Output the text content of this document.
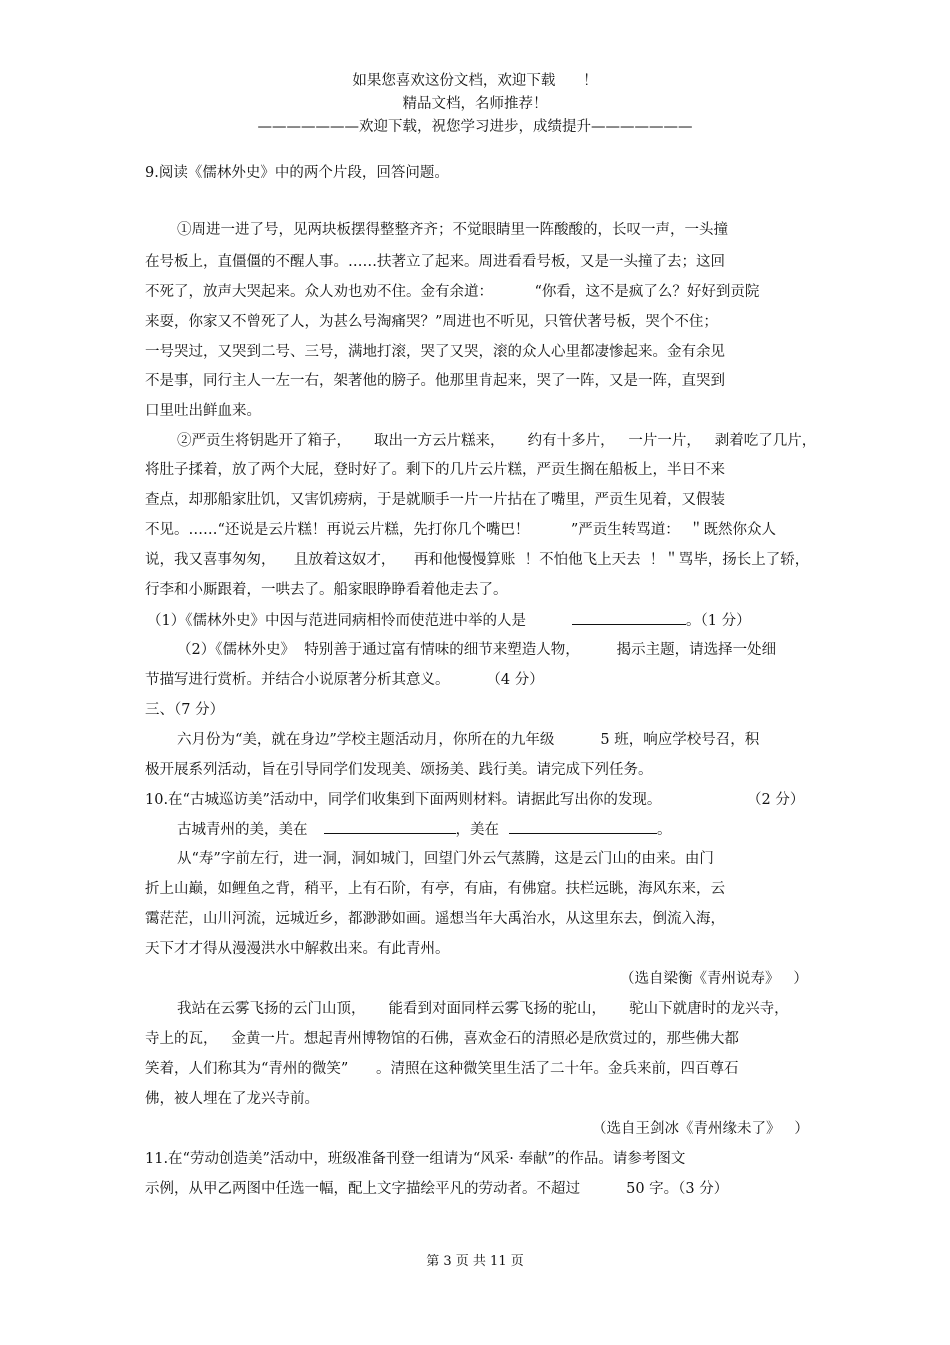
如果您喜欢这份文档，欢迎下载      ！
精品文档，名师推荐！
———————欢迎下载，祝您学习进步，成绩提升———————
9.阅读《儒林外史》中的两个片段，回答问题。
①周进一进了号，见两块板摆得整整齐齐；不觉眼睛里一阵酸酸的，长叹一声，一头撞
在号板上，直僵僵的不醒人事。……扶著立了起来。周进看看号板，又是一头撞了去；这回
不死了，放声大哭起来。众人劝也劝不住。金有余道：         “你看，这不是疯了么？好好到贡院
来耍，你家又不曾死了人，为甚么号淘痛哭？”周进也不听见，只管伏著号板，哭个不住；
一号哭过，又哭到二号、三号，满地打滚，哭了又哭，滚的众人心里都凄惨起来。金有余见
不是事，同行主人一左一右，架著他的膀子。他那里肯起来，哭了一阵，又是一阵，直哭到
口里吐出鲜血来。
②严贡生将钥匙开了箱子，     取出一方云片糕来，     约有十多片，   一片一片，   剥着吃了几片，
将肚子揉着，放了两个大屁，登时好了。剩下的几片云片糕，严贡生搁在船板上，半日不来
查点，却那船家肚饥，又害饥痨病，于是就顺手一片一片拈在了嘴里，严贡生见着，又假装
不见。……“还说是云片糕！再说云片糕，先打你几个嘴巴！         ”严贡生转骂道：  ＂既然你众人
说，我又喜事匆匆，    且放着这奴才，    再和他慢慢算账  ！不怕他飞上天去  ！＂骂毕，扬长上了轿，
行李和小厮跟着，一哄去了。船家眼睁睁看着他走去了。
（1）《儒林外史》中因与范进同病相怜而使范进中举的人是	。（1 分）
（2）《儒林外史》  特别善于通过富有情味的细节来塑造人物，        揭示主题，请选择一处细
节描写进行赏析。并结合小说原著分析其意义。        （4 分）
三、（7 分）
六月份为“美，就在身边”学校主题活动月，你所在的九年级          5 班，响应学校号召，积
极开展系列活动，旨在引导同学们发现美、颂扬美、践行美。请完成下列任务。
10.在“古城巡访美”活动中，同学们收集到下面两则材料。请据此写出你的发现。	（2 分）
古城青州的美，美在	，美在	。
从“寿”字前左行，进一洞，洞如城门，回望门外云气蒸腾，这是云门山的由来。由门
折上山巅，如鲤鱼之背，稍平，上有石阶，有亭，有庙，有佛窟。扶栏远眺，海风东来，云
霭茫茫，山川河流，远城近乡，都渺渺如画。遥想当年大禹治水，从这里东去，倒流入海，
天下才才得从漫漫洪水中解救出来。有此青州。
（选自梁衡《青州说寿》   ）
我站在云雾飞扬的云门山顶，     能看到对面同样云雾飞扬的驼山，     驼山下就唐时的龙兴寺，
寺上的瓦，   金黄一片。想起青州博物馆的石佛，喜欢金石的清照必是欣赏过的，那些佛大都
笑着，人们称其为“青州的微笑”      。清照在这种微笑里生活了二十年。金兵来前，四百尊石
佛，被人埋在了龙兴寺前。
（选自王剑冰《青州缘未了》   ）
11.在“劳动创造美”活动中，班级准备刊登一组请为“风采· 奉献”的作品。请参考图文
示例，从甲乙两图中任选一幅，配上文字描绘平凡的劳动者。不超过          50 字。（3 分）
第 3 页 共 11 页
